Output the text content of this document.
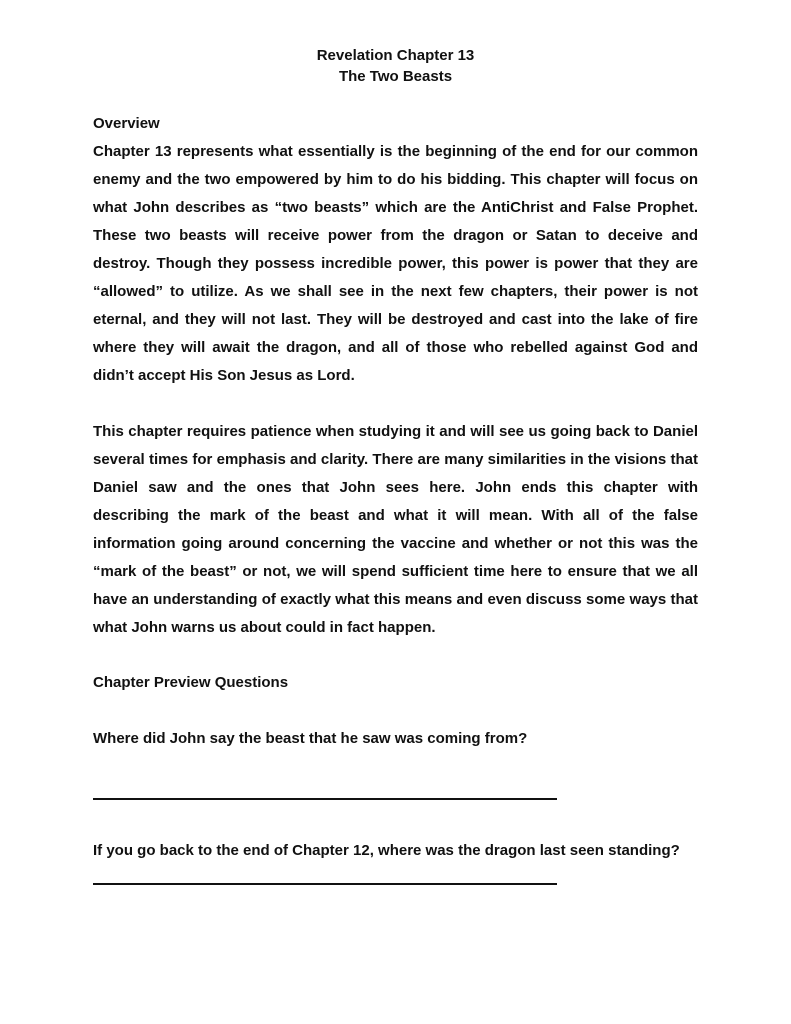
Revelation Chapter 13
The Two Beasts
Overview
Chapter 13 represents what essentially is the beginning of the end for our common enemy and the two empowered by him to do his bidding. This chapter will focus on what John describes as “two beasts” which are the AntiChrist and False Prophet. These two beasts will receive power from the dragon or Satan to deceive and destroy. Though they possess incredible power, this power is power that they are “allowed” to utilize. As we shall see in the next few chapters, their power is not eternal, and they will not last. They will be destroyed and cast into the lake of fire where they will await the dragon, and all of those who rebelled against God and didn’t accept His Son Jesus as Lord.
This chapter requires patience when studying it and will see us going back to Daniel several times for emphasis and clarity. There are many similarities in the visions that Daniel saw and the ones that John sees here. John ends this chapter with describing the mark of the beast and what it will mean. With all of the false information going around concerning the vaccine and whether or not this was the “mark of the beast” or not, we will spend sufficient time here to ensure that we all have an understanding of exactly what this means and even discuss some ways that what John warns us about could in fact happen.
Chapter Preview Questions
Where did John say the beast that he saw was coming from?
If you go back to the end of Chapter 12, where was the dragon last seen standing?
